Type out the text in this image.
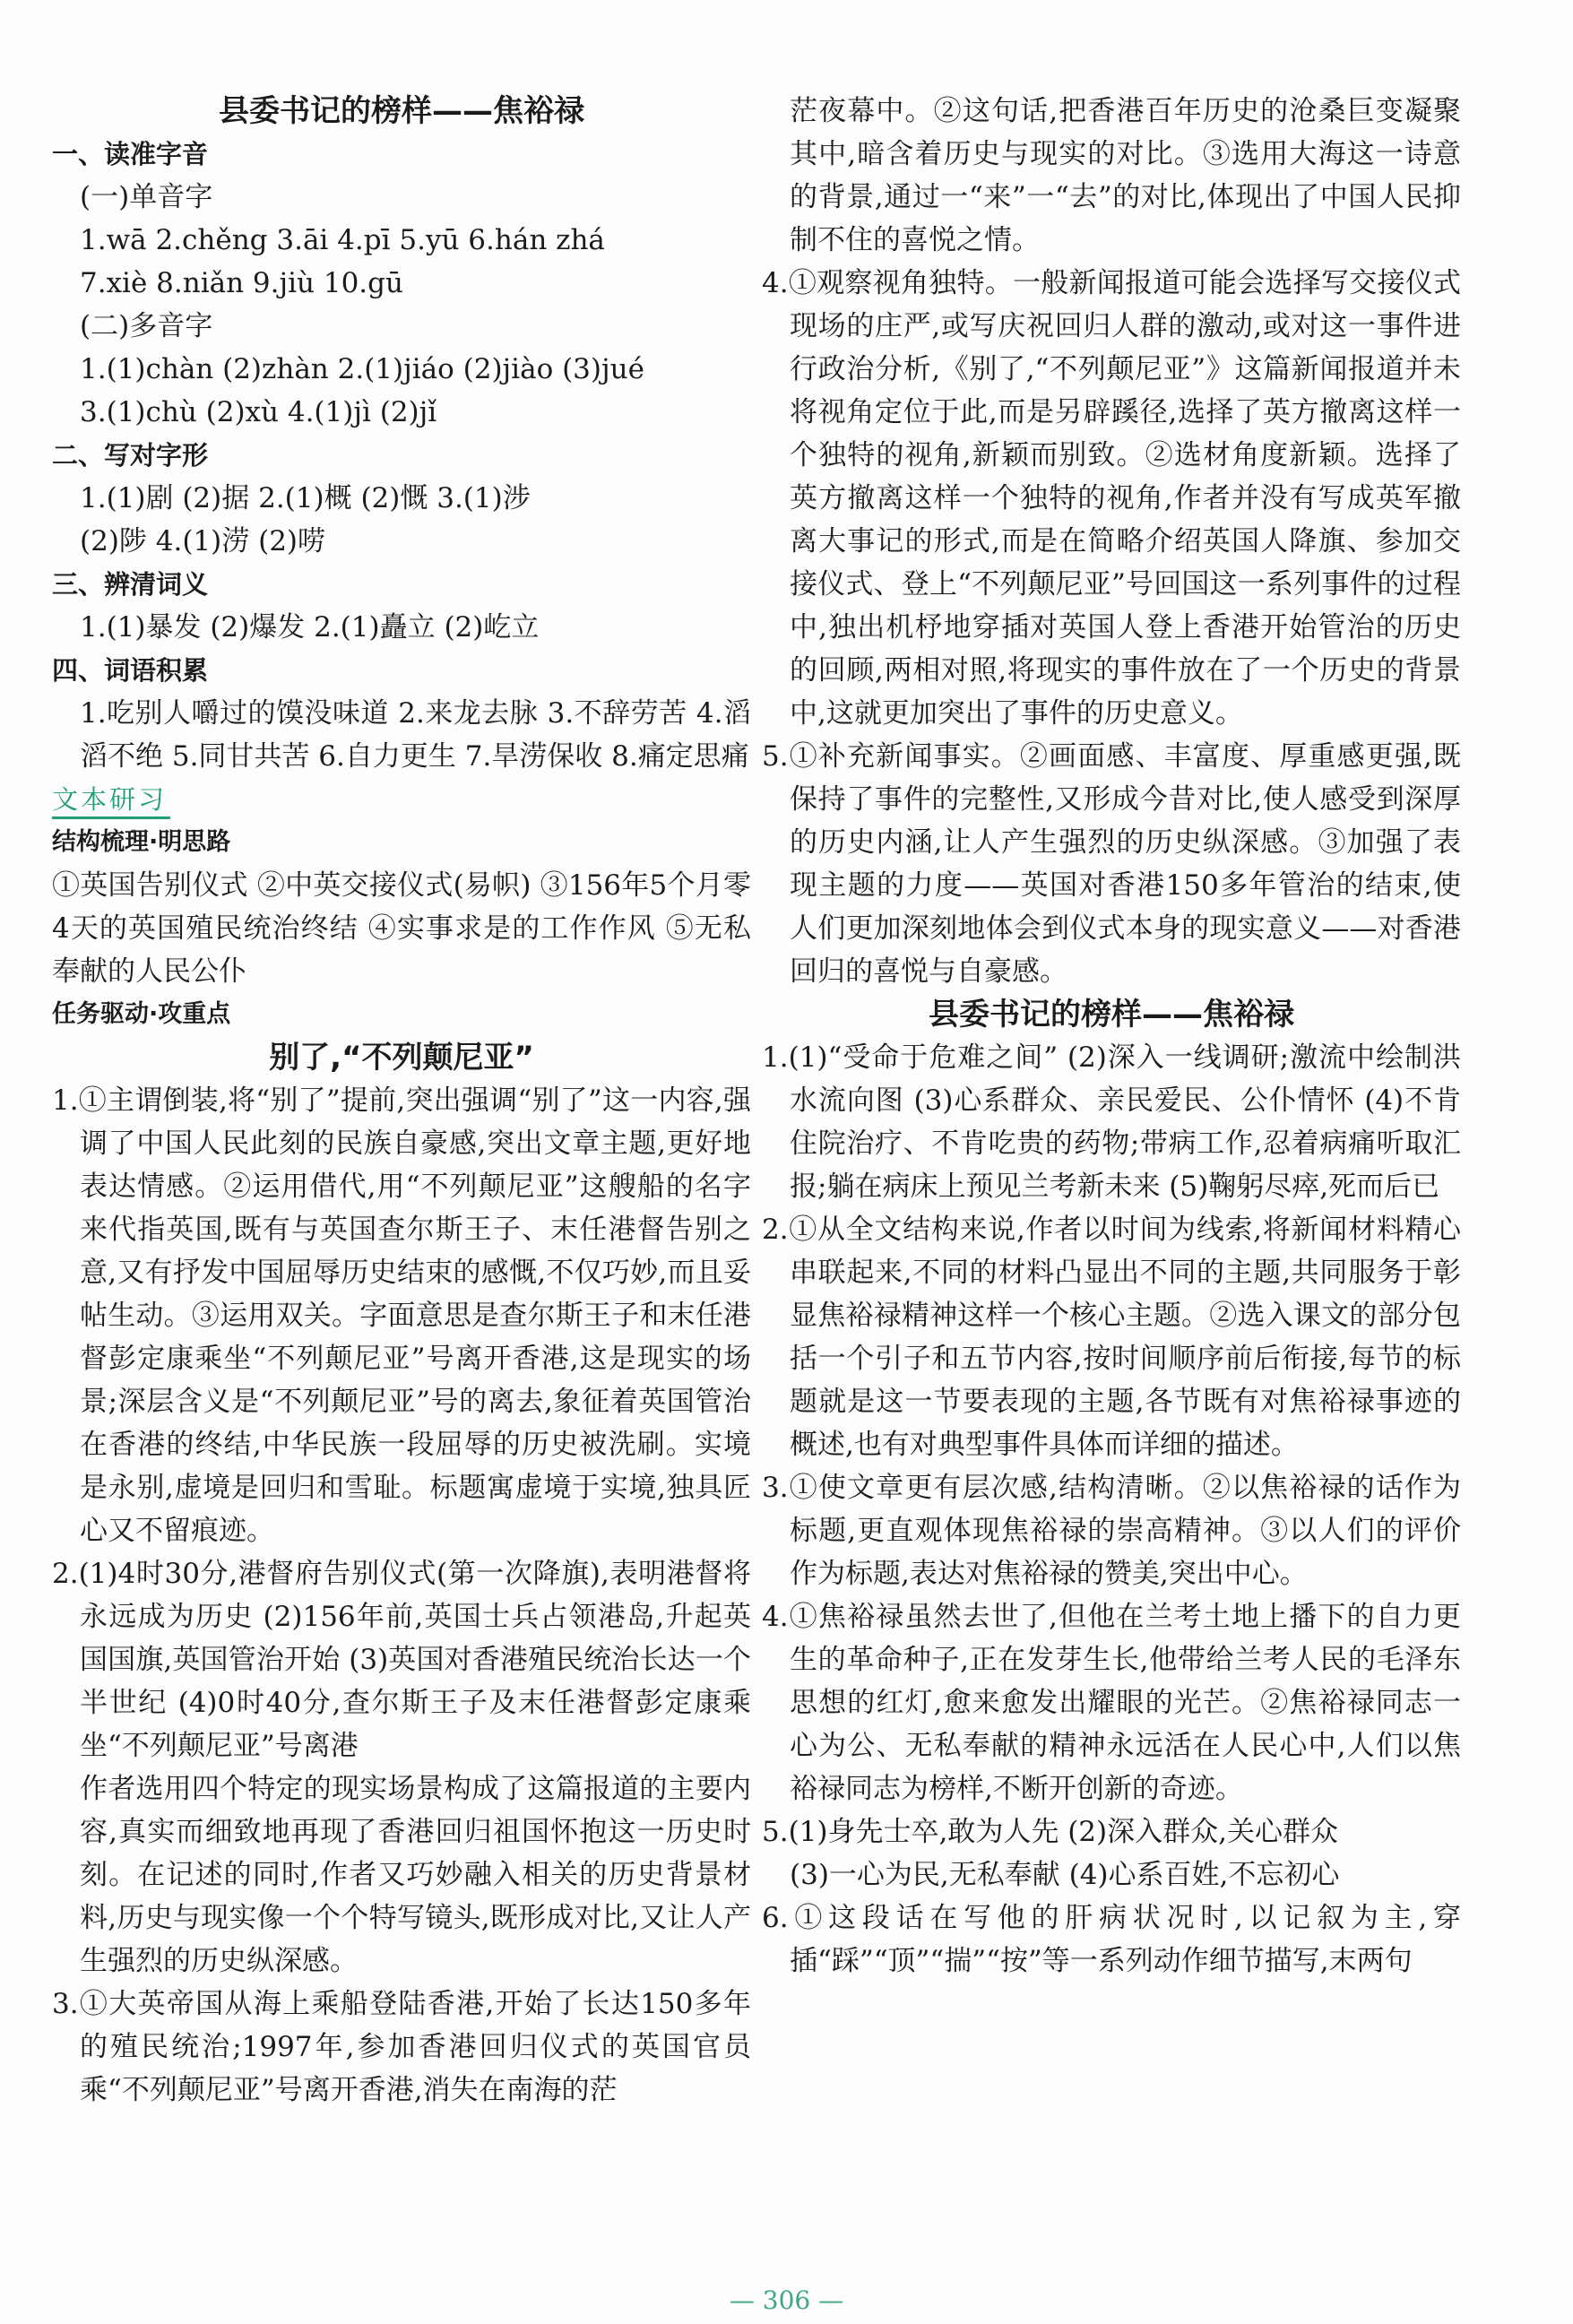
县委书记的榜样——焦裕禄
一、读准字音
(一)单音字
1.wā 2.chěng 3.āi 4.pī 5.yū 6.hán zhá
7.xiè 8.niǎn 9.jiù 10.gū
(二)多音字
1.(1)chàn (2)zhàn 2.(1)jiáo (2)jiào (3)jué
3.(1)chù (2)xù 4.(1)jì (2)jǐ
二、写对字形
1.(1)剧 (2)据 2.(1)概 (2)慨 3.(1)涉
(2)陟 4.(1)涝 (2)唠
三、辨清词义
1.(1)暴发 (2)爆发 2.(1)矗立 (2)屹立
四、词语积累
1.吃别人嚼过的馍没味道 2.来龙去脉 3.不辞劳苦 4.滔滔不绝 5.同甘共苦 6.自力更生 7.旱涝保收 8.痛定思痛
文本研习
结构梳理·明思路
①英国告别仪式 ②中英交接仪式(易帜) ③156年5个月零4天的英国殖民统治终结 ④实事求是的工作作风 ⑤无私奉献的人民公仆
任务驱动·攻重点
别了,“不列颠尼亚”
1.①主谓倒装,将“别了”提前,突出强调“别了”这一内容,强调了中国人民此刻的民族自豪感,突出文章主题,更好地表达情感。②运用借代,用“不列颠尼亚”这艘船的名字来代指英国,既有与英国查尔斯王子、末任港督告别之意,又有抒发中国屈辱历史结束的感慨,不仅巧妙,而且妥帖生动。③运用双关。字面意思是查尔斯王子和末任港督彭定康乘坐“不列颠尼亚”号离开香港,这是现实的场景;深层含义是“不列颠尼亚”号的离去,象征着英国管治在香港的终结,中华民族一段屈辱的历史被洗刷。实境是永别,虚境是回归和雪耻。标题寓虚境于实境,独具匠心又不留痕迹。
2.(1)4时30分,港督府告别仪式(第一次降旗),表明港督将永远成为历史 (2)156年前,英国士兵占领港岛,升起英国国旗,英国管治开始 (3)英国对香港殖民统治长达一个半世纪 (4)0时40分,查尔斯王子及末任港督彭定康乘坐“不列颠尼亚”号离港
作者选用四个特定的现实场景构成了这篇报道的主要内容,真实而细致地再现了香港回归祖国怀抱这一历史时刻。在记述的同时,作者又巧妙融入相关的历史背景材料,历史与现实像一个个特写镜头,既形成对比,又让人产生强烈的历史纵深感。
3.①大英帝国从海上乘船登陆香港,开始了长达150多年的殖民统治;1997年,参加香港回归仪式的英国官员乘“不列颠尼亚”号离开香港,消失在南海的茫
茫夜幕中。②这句话,把香港百年历史的沧桑巨变凝聚其中,暗含着历史与现实的对比。③选用大海这一诗意的背景,通过一“来”一“去”的对比,体现出了中国人民抑制不住的喜悦之情。
4.①观察视角独特。一般新闻报道可能会选择写交接仪式现场的庄严,或写庆祝回归人群的激动,或对这一事件进行政治分析,《别了,“不列颠尼亚”》这篇新闻报道并未将视角定位于此,而是另辟蹊径,选择了英方撤离这样一个独特的视角,新颖而别致。②选材角度新颖。选择了英方撤离这样一个独特的视角,作者并没有写成英军撤离大事记的形式,而是在简略介绍英国人降旗、参加交接仪式、登上“不列颠尼亚”号回国这一系列事件的过程中,独出机杼地穿插对英国人登上香港开始管治的历史的回顾,两相对照,将现实的事件放在了一个历史的背景中,这就更加突出了事件的历史意义。
5.①补充新闻事实。②画面感、丰富度、厚重感更强,既保持了事件的完整性,又形成今昔对比,使人感受到深厚的历史内涵,让人产生强烈的历史纵深感。③加强了表现主题的力度——英国对香港150多年管治的结束,使人们更加深刻地体会到仪式本身的现实意义——对香港回归的喜悦与自豪感。
县委书记的榜样——焦裕禄
1.(1)“受命于危难之间” (2)深入一线调研;激流中绘制洪水流向图 (3)心系群众、亲民爱民、公仆情怀 (4)不肯住院治疗、不肯吃贵的药物;带病工作,忍着病痛听取汇报;躺在病床上预见兰考新未来 (5)鞠躬尽瘁,死而后已
2.①从全文结构来说,作者以时间为线索,将新闻材料精心串联起来,不同的材料凸显出不同的主题,共同服务于彰显焦裕禄精神这样一个核心主题。②选入课文的部分包括一个引子和五节内容,按时间顺序前后衔接,每节的标题就是这一节要表现的主题,各节既有对焦裕禄事迹的概述,也有对典型事件具体而详细的描述。
3.①使文章更有层次感,结构清晰。②以焦裕禄的话作为标题,更直观体现焦裕禄的崇高精神。③以人们的评价作为标题,表达对焦裕禄的赞美,突出中心。
4.①焦裕禄虽然去世了,但他在兰考土地上播下的自力更生的革命种子,正在发芽生长,他带给兰考人民的毛泽东思想的红灯,愈来愈发出耀眼的光芒。②焦裕禄同志一心为公、无私奉献的精神永远活在人民心中,人们以焦裕禄同志为榜样,不断开创新的奇迹。
5.(1)身先士卒,敢为人先 (2)深入群众,关心群众
(3)一心为民,无私奉献 (4)心系百姓,不忘初心
6.①这段话在写他的肝病状况时,以记叙为主,穿插“踩”“顶”“揣”“按”等一系列动作细节描写,末两句
— 306 —
